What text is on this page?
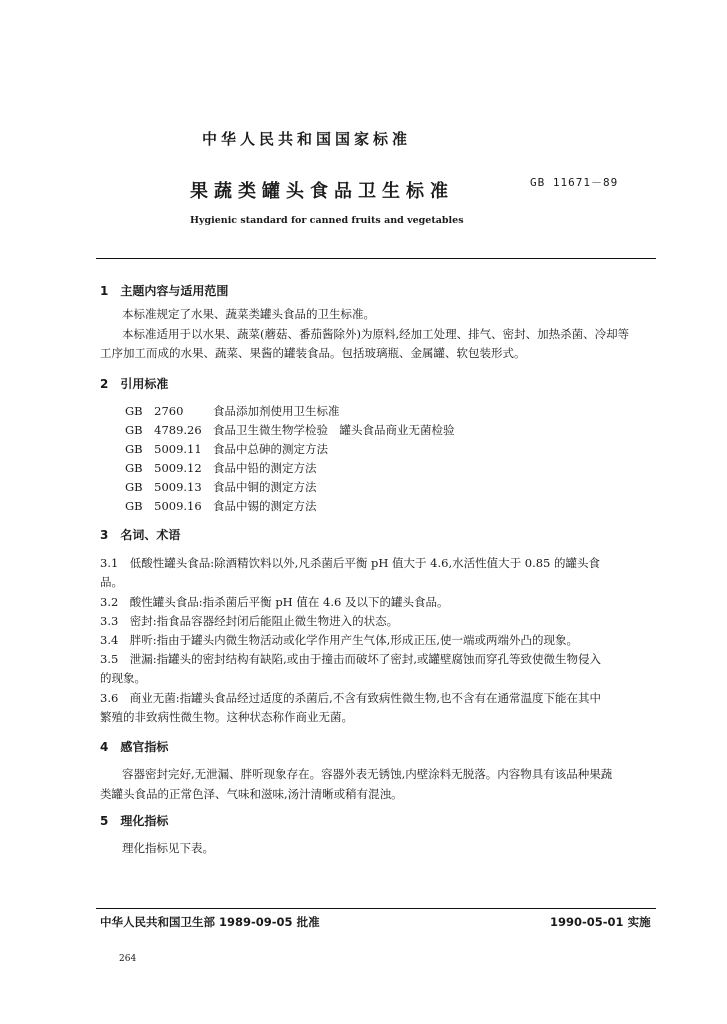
中华人民共和国国家标准
果蔬类罐头食品卫生标准	GB 11671－89
Hygienic standard for canned fruits and vegetables
1　主题内容与适用范围
本标准规定了水果、蔬菜类罐头食品的卫生标准。
本标准适用于以水果、蔬菜(蘑菇、番茄酱除外)为原料,经加工处理、排气、密封、加热杀菌、冷却等
工序加工而成的水果、蔬菜、果酱的罐装食品。包括玻璃瓶、金属罐、软包装形式。
2　引用标准
GB　2760	食品添加剂使用卫生标准
GB　4789.26 食品卫生微生物学检验　罐头食品商业无菌检验
GB　5009.11 食品中总砷的测定方法
GB　5009.12 食品中铅的测定方法
GB　5009.13 食品中铜的测定方法
GB　5009.16 食品中锡的测定方法
3　名词、术语
3.1　低酸性罐头食品:除酒精饮料以外,凡杀菌后平衡 pH 值大于 4.6,水活性值大于 0.85 的罐头食
品。
3.2　酸性罐头食品:指杀菌后平衡 pH 值在 4.6 及以下的罐头食品。
3.3　密封:指食品容器经封闭后能阻止微生物进入的状态。
3.4　胖听:指由于罐头内微生物活动或化学作用产生气体,形成正压,使一端或两端外凸的现象。
3.5　泄漏:指罐头的密封结构有缺陷,或由于撞击而破坏了密封,或罐壁腐蚀而穿孔等致使微生物侵入
的现象。
3.6　商业无菌:指罐头食品经过适度的杀菌后,不含有致病性微生物,也不含有在通常温度下能在其中
繁殖的非致病性微生物。这种状态称作商业无菌。
4　感官指标
容器密封完好,无泄漏、胖听现象存在。容器外表无锈蚀,内壁涂料无脱落。内容物具有该品种果蔬
类罐头食品的正常色泽、气味和滋味,汤汁清晰或稍有混浊。
5　理化指标
理化指标见下表。
中华人民共和国卫生部 1989-09-05 批准	1990-05-01 实施
264
